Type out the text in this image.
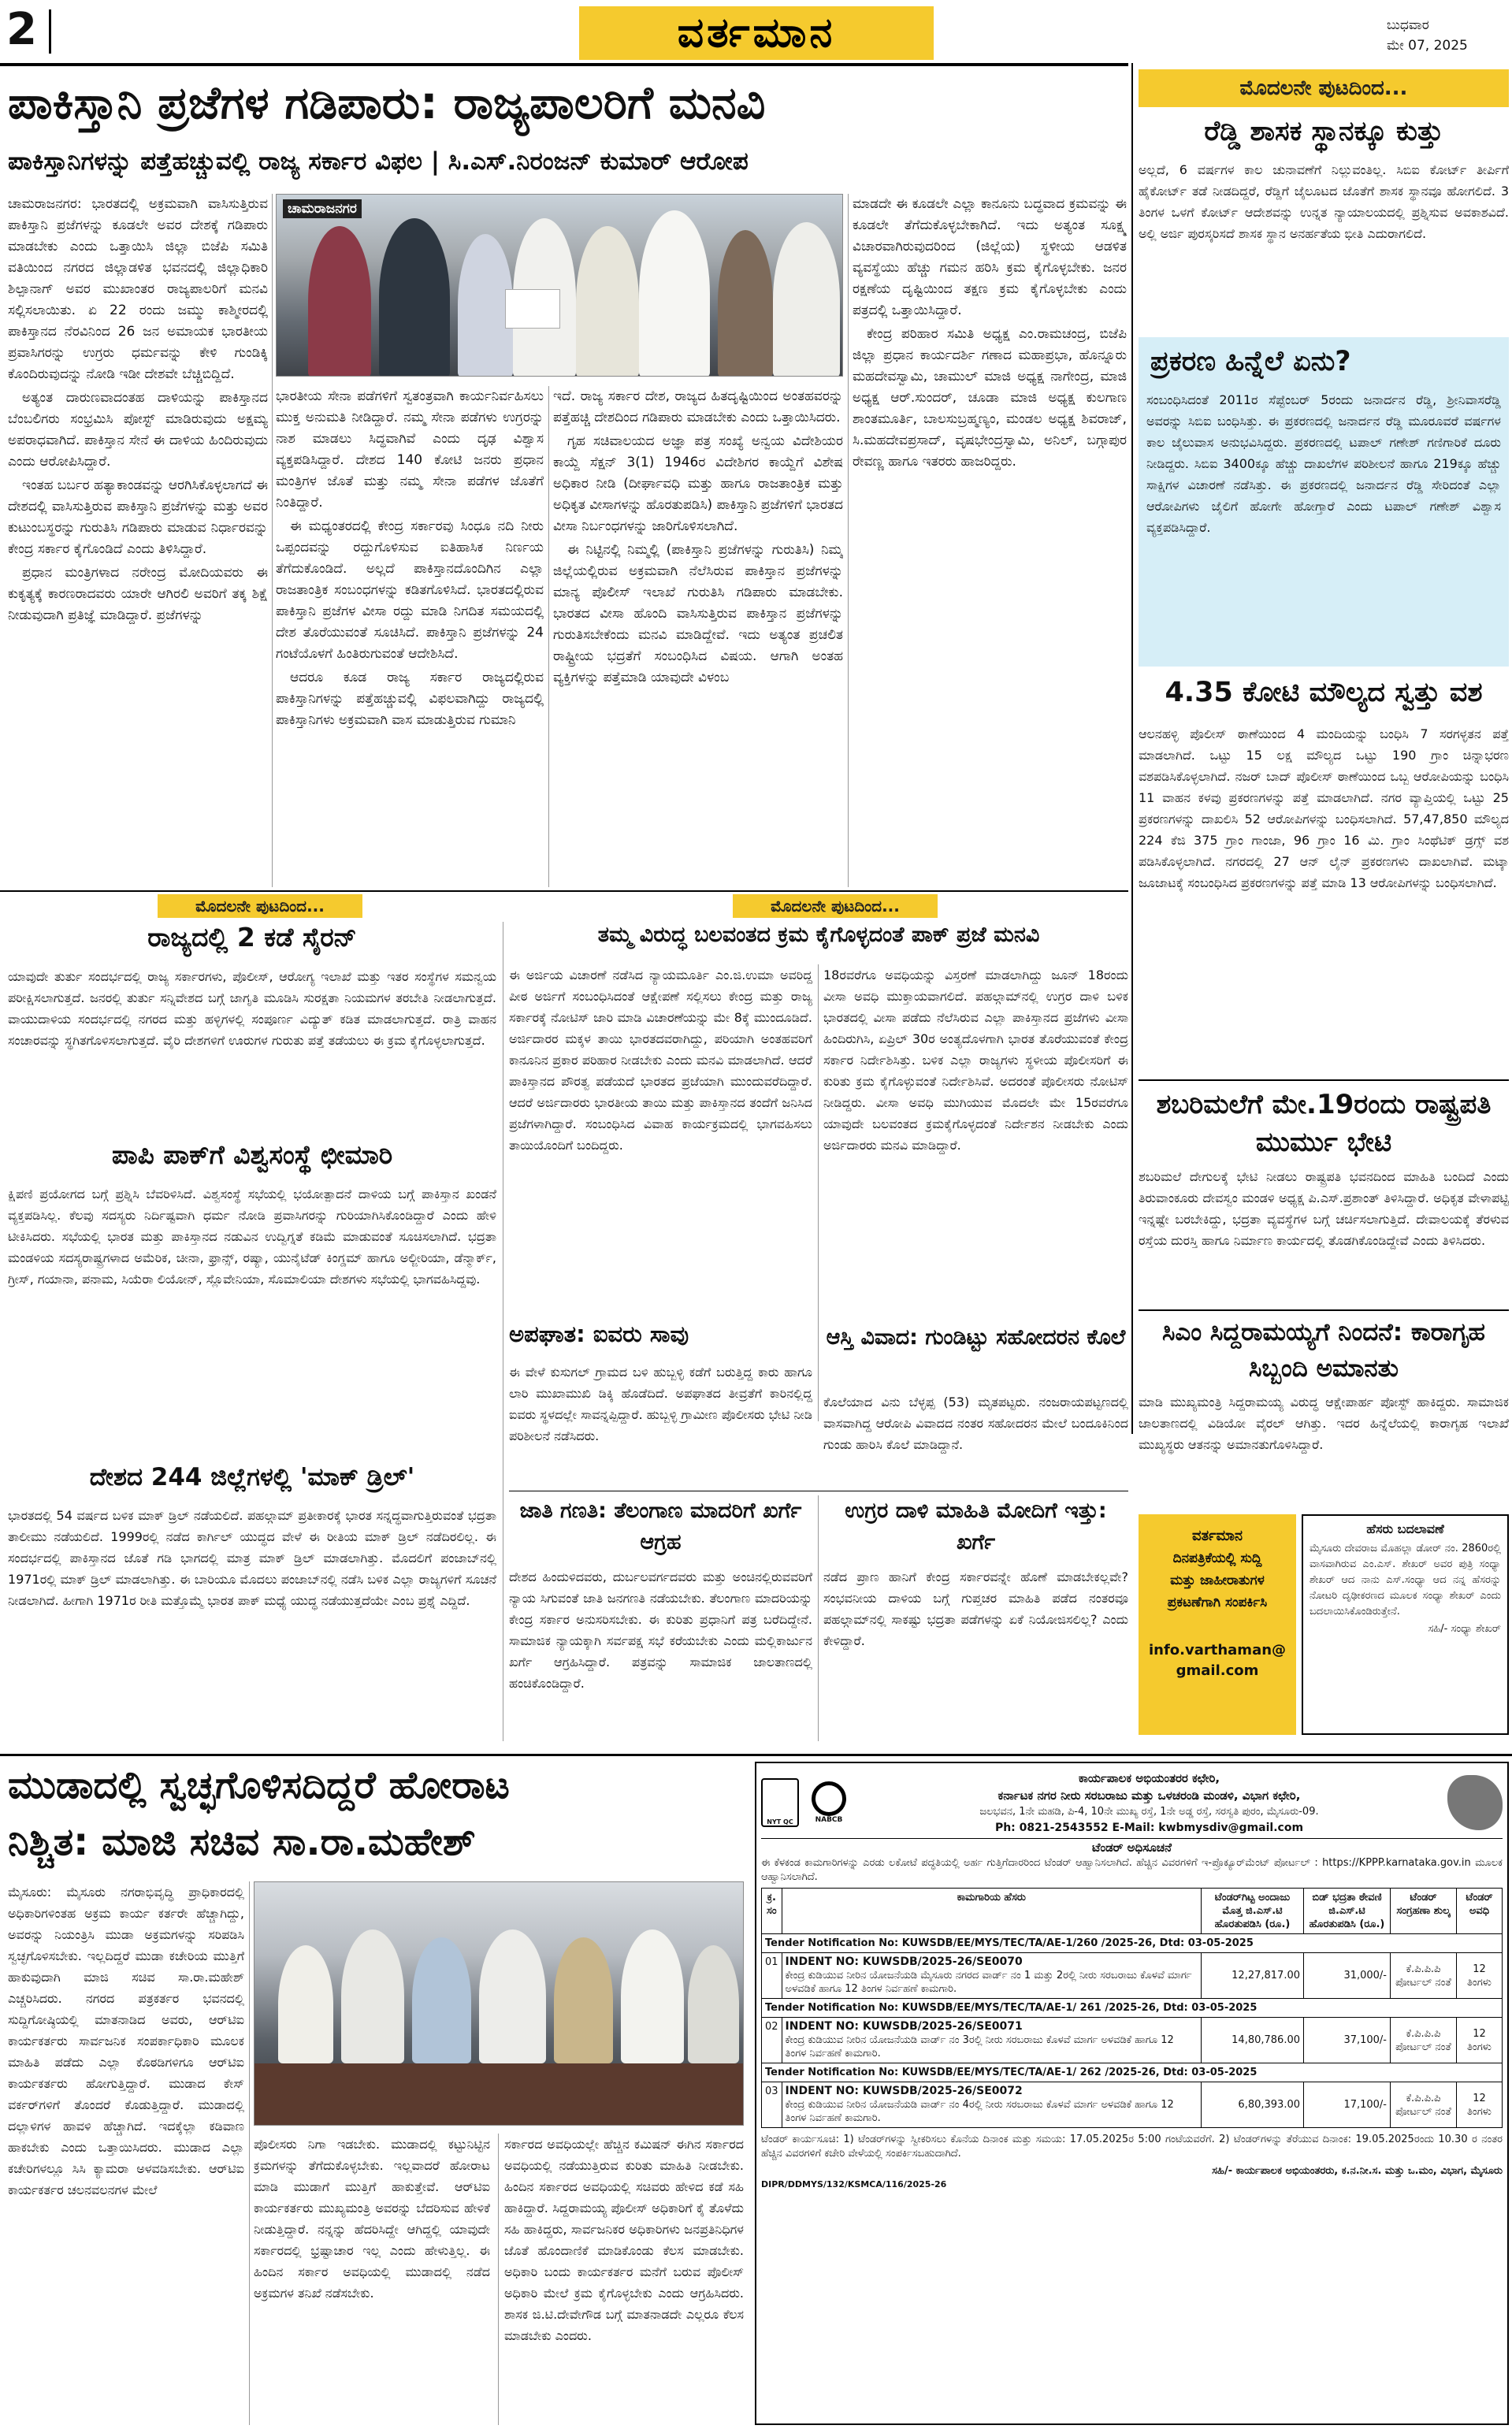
2	ವರ್ತಮಾನ	ಬುಧವಾರ
ಮೇ 07, 2025
ಪಾಕಿಸ್ತಾನಿ ಪ್ರಜೆಗಳ ಗಡಿಪಾರು: ರಾಜ್ಯಪಾಲರಿಗೆ ಮನವಿ
ಪಾಕಿಸ್ತಾನಿಗಳನ್ನು ಪತ್ತೆಹಚ್ಚುವಲ್ಲಿ ರಾಜ್ಯ ಸರ್ಕಾರ ವಿಫಲ | ಸಿ.ಎಸ್.ನಿರಂಜನ್ ಕುಮಾರ್ ಆರೋಪ
ಚಾಮರಾಜನಗರ

ಚಾಮರಾಜನಗರ: ಭಾರತದಲ್ಲಿ ಅಕ್ರಮವಾಗಿ ವಾಸಿಸುತ್ತಿರುವ ಪಾಕಿಸ್ತಾನಿ ಪ್ರಜೆಗಳನ್ನು ಕೂಡಲೇ ಅವರ ದೇಶಕ್ಕೆ ಗಡಿಪಾರು ಮಾಡಬೇಕು ಎಂದು ಒತ್ತಾಯಿಸಿ ಜಿಲ್ಲಾ ಬಿಜೆಪಿ ಸಮಿತಿ ವತಿಯಿಂದ ನಗರದ ಜಿಲ್ಲಾಡಳಿತ ಭವನದಲ್ಲಿ ಜಿಲ್ಲಾಧಿಕಾರಿ ಶಿಲ್ಪಾನಾಗ್ ಅವರ ಮುಖಾಂತರ ರಾಜ್ಯಪಾಲರಿಗೆ ಮನವಿ ಸಲ್ಲಿಸಲಾಯಿತು. ಏ 22 ರಂದು ಜಮ್ಮು ಕಾಶ್ಮೀರದಲ್ಲಿ ಪಾಕಿಸ್ತಾನದ ನೆರವಿನಿಂದ 26 ಜನ ಅಮಾಯಕ ಭಾರತೀಯ ಪ್ರವಾಸಿಗರನ್ನು ಉಗ್ರರು ಧರ್ಮವನ್ನು ಕೇಳಿ ಗುಂಡಿಕ್ಕಿ ಕೊಂದಿರುವುದನ್ನು ನೋಡಿ ಇಡೀ ದೇಶವೇ ಬೆಚ್ಚಿಬಿದ್ದಿದೆ.

ಅತ್ಯಂತ ದಾರುಣವಾದಂತಹ ದಾಳಿಯನ್ನು ಪಾಕಿಸ್ತಾನದ ಬೆಂಬಲಿಗರು ಸಂಭ್ರಮಿಸಿ ಪೋಸ್ಟ್ ಮಾಡಿರುವುದು ಅಕ್ಷಮ್ಯ ಅಪರಾಧವಾಗಿದೆ. ಪಾಕಿಸ್ತಾನ ಸೇನೆ ಈ ದಾಳಿಯ ಹಿಂದಿರುವುದು ಎಂದು ಆರೋಪಿಸಿದ್ದಾರೆ.

ಇಂತಹ ಬರ್ಬರ ಹತ್ಯಾಕಾಂಡವನ್ನು ಆರಗಿಸಿಕೊಳ್ಳಲಾಗದೆ ಈ ದೇಶದಲ್ಲಿ ವಾಸಿಸುತ್ತಿರುವ ಪಾಕಿಸ್ತಾನಿ ಪ್ರಜೆಗಳನ್ನು ಮತ್ತು ಅವರ ಕುಟುಂಬಸ್ಥರನ್ನು ಗುರುತಿಸಿ ಗಡಿಪಾರು ಮಾಡುವ ನಿರ್ಧಾರವನ್ನು ಕೇಂದ್ರ ಸರ್ಕಾರ ಕೈಗೊಂಡಿದೆ ಎಂದು ತಿಳಿಸಿದ್ದಾರೆ.

ಪ್ರಧಾನ ಮಂತ್ರಿಗಳಾದ ನರೇಂದ್ರ ಮೋದಿಯವರು ಈ ಕುಕೃತ್ಯಕ್ಕೆ ಕಾರಣರಾದವರು ಯಾರೇ ಆಗಿರಲಿ ಅವರಿಗೆ ತಕ್ಕ ಶಿಕ್ಷೆ ನೀಡುವುದಾಗಿ ಪ್ರತಿಜ್ಞೆ ಮಾಡಿದ್ದಾರೆ. ಪ್ರಜೆಗಳನ್ನು

ಭಾರತೀಯ ಸೇನಾ ಪಡೆಗಳಿಗೆ ಸ್ವತಂತ್ರವಾಗಿ ಕಾರ್ಯನಿರ್ವಹಿಸಲು ಮುಕ್ತ ಅನುಮತಿ ನೀಡಿದ್ದಾರೆ. ನಮ್ಮ ಸೇನಾ ಪಡೆಗಳು ಉಗ್ರರನ್ನು ನಾಶ ಮಾಡಲು ಸಿದ್ಧವಾಗಿವೆ ಎಂದು ದೃಢ ವಿಶ್ವಾಸ ವ್ಯಕ್ತಪಡಿಸಿದ್ದಾರೆ. ದೇಶದ 140 ಕೋಟಿ ಜನರು ಪ್ರಧಾನ ಮಂತ್ರಿಗಳ ಜೊತೆ ಮತ್ತು ನಮ್ಮ ಸೇನಾ ಪಡೆಗಳ ಜೊತೆಗೆ ನಿಂತಿದ್ದಾರೆ.

ಈ ಮಧ್ಯಂತರದಲ್ಲಿ ಕೇಂದ್ರ ಸರ್ಕಾರವು ಸಿಂಧೂ ನದಿ ನೀರು ಒಪ್ಪಂದವನ್ನು ರದ್ದುಗೊಳಿಸುವ ಐತಿಹಾಸಿಕ ನಿರ್ಣಯ ತೆಗೆದುಕೊಂಡಿದೆ. ಅಲ್ಲದೆ ಪಾಕಿಸ್ತಾನದೊಂದಿಗಿನ ಎಲ್ಲಾ ರಾಜತಾಂತ್ರಿಕ ಸಂಬಂಧಗಳನ್ನು ಕಡಿತಗೊಳಿಸಿದೆ. ಭಾರತದಲ್ಲಿರುವ ಪಾಕಿಸ್ತಾನಿ ಪ್ರಜೆಗಳ ವೀಸಾ ರದ್ದು ಮಾಡಿ ನಿಗದಿತ ಸಮಯದಲ್ಲಿ ದೇಶ ತೊರೆಯುವಂತೆ ಸೂಚಿಸಿದೆ. ಪಾಕಿಸ್ತಾನಿ ಪ್ರಜೆಗಳನ್ನು 24 ಗಂಟೆಯೊಳಗೆ ಹಿಂತಿರುಗುವಂತೆ ಆದೇಶಿಸಿದೆ.

ಆದರೂ ಕೂಡ ರಾಜ್ಯ ಸರ್ಕಾರ ರಾಜ್ಯದಲ್ಲಿರುವ ಪಾಕಿಸ್ತಾನಿಗಳನ್ನು ಪತ್ತೆಹಚ್ಚುವಲ್ಲಿ ವಿಫಲವಾಗಿದ್ದು ರಾಜ್ಯದಲ್ಲಿ ಪಾಕಿಸ್ತಾನಿಗಳು ಅಕ್ರಮವಾಗಿ ವಾಸ ಮಾಡುತ್ತಿರುವ ಗುಮಾನಿ

ಇದೆ. ರಾಜ್ಯ ಸರ್ಕಾರ ದೇಶ, ರಾಜ್ಯದ ಹಿತದೃಷ್ಟಿಯಿಂದ ಅಂತಹವರನ್ನು ಪತ್ತೆಹಚ್ಚಿ ದೇಶದಿಂದ ಗಡಿಪಾರು ಮಾಡಬೇಕು ಎಂದು ಒತ್ತಾಯಿಸಿದರು.

ಗೃಹ ಸಚಿವಾಲಯದ ಅಜ್ಞಾ ಪತ್ರ ಸಂಖ್ಯೆ ಅನ್ವಯ ವಿದೇಶಿಯರ ಕಾಯ್ದೆ ಸೆಕ್ಷನ್ 3(1) 1946ರ ವಿದೇಶಿಗರ ಕಾಯ್ದೆಗೆ ವಿಶೇಷ ಅಧಿಕಾರ ನೀಡಿ (ದೀರ್ಘಾವಧಿ ಮತ್ತು ಹಾಗೂ ರಾಜತಾಂತ್ರಿಕ ಮತ್ತು ಅಧಿಕೃತ ವೀಸಾಗಳನ್ನು ಹೊರತುಪಡಿಸಿ) ಪಾಕಿಸ್ತಾನಿ ಪ್ರಜೆಗಳಿಗೆ ಭಾರತದ ವೀಸಾ ನಿರ್ಬಂಧಗಳನ್ನು ಜಾರಿಗೊಳಿಸಲಾಗಿದೆ.

ಈ ನಿಟ್ಟಿನಲ್ಲಿ ನಿಮ್ಮಲ್ಲಿ (ಪಾಕಿಸ್ತಾನಿ ಪ್ರಜೆಗಳನ್ನು ಗುರುತಿಸಿ) ನಿಮ್ಮ ಜಿಲ್ಲೆಯಲ್ಲಿರುವ ಅಕ್ರಮವಾಗಿ ನೆಲೆಸಿರುವ ಪಾಕಿಸ್ತಾನ ಪ್ರಜೆಗಳನ್ನು ಮಾನ್ಯ ಪೊಲೀಸ್ ಇಲಾಖೆ ಗುರುತಿಸಿ ಗಡಿಪಾರು ಮಾಡಬೇಕು. ಭಾರತದ ವೀಸಾ ಹೊಂದಿ ವಾಸಿಸುತ್ತಿರುವ ಪಾಕಿಸ್ತಾನ ಪ್ರಜೆಗಳನ್ನು ಗುರುತಿಸಬೇಕೆಂದು ಮನವಿ ಮಾಡಿದ್ದೇವೆ. ಇದು ಅತ್ಯಂತ ಪ್ರಚಲಿತ ರಾಷ್ಟ್ರೀಯ ಭದ್ರತೆಗೆ ಸಂಬಂಧಿಸಿದ ವಿಷಯ. ಆಗಾಗಿ ಅಂತಹ ವ್ಯಕ್ತಿಗಳನ್ನು ಪತ್ತೆಮಾಡಿ ಯಾವುದೇ ವಿಳಂಬ

ಮಾಡದೇ ಈ ಕೂಡಲೇ ಎಲ್ಲಾ ಕಾನೂನು ಬದ್ಧವಾದ ಕ್ರಮವನ್ನು ಈ ಕೂಡಲೇ ತೆಗೆದುಕೊಳ್ಳಬೇಕಾಗಿದೆ. ಇದು ಅತ್ಯಂತ ಸೂಕ್ಷ್ಮ ವಿಚಾರವಾಗಿರುವುದರಿಂದ (ಜಿಲ್ಲೆಯ) ಸ್ಥಳೀಯ ಆಡಳಿತ ವ್ಯವಸ್ಥೆಯು ಹೆಚ್ಚು ಗಮನ ಹರಿಸಿ ಕ್ರಮ ಕೈಗೊಳ್ಳಬೇಕು. ಜನರ ರಕ್ಷಣೆಯ ದೃಷ್ಟಿಯಿಂದ ತಕ್ಷಣ ಕ್ರಮ ಕೈಗೊಳ್ಳಬೇಕು ಎಂದು ಪತ್ರದಲ್ಲಿ ಒತ್ತಾಯಿಸಿದ್ದಾರೆ.

ಕೇಂದ್ರ ಪರಿಹಾರ ಸಮಿತಿ ಅಧ್ಯಕ್ಷ ಎಂ.ರಾಮಚಂದ್ರ, ಬಿಜೆಪಿ ಜಿಲ್ಲಾ ಪ್ರಧಾನ ಕಾರ್ಯದರ್ಶಿ ಗಣಾದ ಮಹಾಪ್ರಭಾ, ಹೊನ್ನೂರು ಮಹದೇವಸ್ವಾಮಿ, ಚಾಮುಲ್ ಮಾಜಿ ಅಧ್ಯಕ್ಷ ನಾಗೇಂದ್ರ, ಮಾಜಿ ಅಧ್ಯಕ್ಷ ಆರ್.ಸುಂದರ್, ಚೂಡಾ ಮಾಜಿ ಅಧ್ಯಕ್ಷ ಕುಲಗಾಣ ಶಾಂತಮೂರ್ತಿ, ಬಾಲಸುಬ್ರಹ್ಮಣ್ಯಂ, ಮಂಡಲ ಅಧ್ಯಕ್ಷ ಶಿವರಾಜ್, ಸಿ.ಮಹದೇವಪ್ರಸಾದ್, ವೃಷಭೇಂದ್ರಸ್ವಾಮಿ, ಅನಿಲ್, ಬಗ್ಗಾಪುರ ರೇವಣ್ಣ ಹಾಗೂ ಇತರರು ಹಾಜರಿದ್ದರು.

ಮೊದಲನೇ ಪುಟದಿಂದ...
ರೆಡ್ಡಿ ಶಾಸಕ ಸ್ಥಾನಕ್ಕೂ ಕುತ್ತು
ಅಲ್ಲದೆ, 6 ವರ್ಷಗಳ ಕಾಲ ಚುನಾವಣೆಗೆ ನಿಲ್ಲುವಂತಿಲ್ಲ. ಸಿಬಿಐ ಕೋರ್ಟ್ ತೀರ್ಪಿಗೆ ಹೈಕೋರ್ಟ್ ತಡೆ ನೀಡದಿದ್ದರೆ, ರೆಡ್ಡಿಗೆ ಜೈಲೂಟದ ಜೊತೆಗೆ ಶಾಸಕ ಸ್ಥಾನವೂ ಹೋಗಲಿದೆ. 3 ತಿಂಗಳ ಒಳಗೆ ಕೋರ್ಟ್ ಆದೇಶವನ್ನು ಉನ್ನತ ನ್ಯಾಯಾಲಯದಲ್ಲಿ ಪ್ರಶ್ನಿಸುವ ಅವಕಾಶವಿದೆ. ಅಲ್ಲಿ ಅರ್ಜಿ ಪುರಸ್ಕರಿಸದೆ ಶಾಸಕ ಸ್ಥಾನ ಅನರ್ಹತೆಯ ಭೀತಿ ಎದುರಾಗಲಿದೆ.
ಪ್ರಕರಣ ಹಿನ್ನೆಲೆ ಏನು?
ಸಂಬಂಧಿಸಿದಂತೆ 2011ರ ಸೆಪ್ಟೆಂಬರ್ 5ರಂದು ಜನಾರ್ದನ ರೆಡ್ಡಿ, ಶ್ರೀನಿವಾಸರೆಡ್ಡಿ ಅವರನ್ನು ಸಿಬಿಐ ಬಂಧಿಸಿತ್ತು. ಈ ಪ್ರಕರಣದಲ್ಲಿ ಜನಾರ್ದನ ರೆಡ್ಡಿ ಮೂರೂವರೆ ವರ್ಷಗಳ ಕಾಲ ಜೈಲುವಾಸ ಅನುಭವಿಸಿದ್ದರು. ಪ್ರಕರಣದಲ್ಲಿ ಟಪಾಲ್ ಗಣೇಶ್ ಗಣಿಗಾರಿಕೆ ದೂರು ನೀಡಿದ್ದರು. ಸಿಬಿಐ 3400ಕ್ಕೂ ಹೆಚ್ಚು ದಾಖಲೆಗಳ ಪರಿಶೀಲನೆ ಹಾಗೂ 219ಕ್ಕೂ ಹೆಚ್ಚು ಸಾಕ್ಷಿಗಳ ವಿಚಾರಣೆ ನಡೆಸಿತ್ತು. ಈ ಪ್ರಕರಣದಲ್ಲಿ ಜನಾರ್ದನ ರೆಡ್ಡಿ ಸೇರಿದಂತೆ ಎಲ್ಲಾ ಆರೋಪಿಗಳು ಜೈಲಿಗೆ ಹೋಗೇ ಹೋಗ್ತಾರೆ ಎಂದು ಟಪಾಲ್ ಗಣೇಶ್ ವಿಶ್ವಾಸ ವ್ಯಕ್ತಪಡಿಸಿದ್ದಾರೆ.
4.35 ಕೋಟಿ ಮೌಲ್ಯದ ಸ್ವತ್ತು ವಶ
ಆಲನಹಳ್ಳಿ ಪೊಲೀಸ್ ಠಾಣೆಯಿಂದ 4 ಮಂದಿಯನ್ನು ಬಂಧಿಸಿ 7 ಸರಗಳ್ಳತನ ಪತ್ತೆ ಮಾಡಲಾಗಿದೆ. ಒಟ್ಟು 15 ಲಕ್ಷ ಮೌಲ್ಯದ ಒಟ್ಟು 190 ಗ್ರಾಂ ಚಿನ್ನಾಭರಣ ವಶಪಡಿಸಿಕೊಳ್ಳಲಾಗಿದೆ. ನಜರ್ ಬಾದ್ ಪೊಲೀಸ್ ಠಾಣೆಯಿಂದ ಒಬ್ಬ ಆರೋಪಿಯನ್ನು ಬಂಧಿಸಿ 11 ವಾಹನ ಕಳವು ಪ್ರಕರಣಗಳನ್ನು ಪತ್ತೆ ಮಾಡಲಾಗಿದೆ. ನಗರ ವ್ಯಾಪ್ತಿಯಲ್ಲಿ ಒಟ್ಟು 25 ಪ್ರಕರಣಗಳನ್ನು ದಾಖಲಿಸಿ 52 ಆರೋಪಿಗಳನ್ನು ಬಂಧಿಸಲಾಗಿದೆ. 57,47,850 ಮೌಲ್ಯದ 224 ಕೆಜಿ 375 ಗ್ರಾಂ ಗಾಂಜಾ, 96 ಗ್ರಾಂ 16 ಮಿ. ಗ್ರಾಂ ಸಿಂಥೆಟಿಕ್ ಡ್ರಗ್ಸ್ ವಶ ಪಡಿಸಿಕೊಳ್ಳಲಾಗಿದೆ. ನಗರದಲ್ಲಿ 27 ಆನ್ ಲೈನ್ ಪ್ರಕರಣಗಳು ದಾಖಲಾಗಿವೆ. ಮಟ್ಕಾ ಜೂಜಾಟಕ್ಕೆ ಸಂಬಂಧಿಸಿದ ಪ್ರಕರಣಗಳನ್ನು ಪತ್ತೆ ಮಾಡಿ 13 ಆರೋಪಿಗಳನ್ನು ಬಂಧಿಸಲಾಗಿದೆ.
ಶಬರಿಮಲೆಗೆ ಮೇ.19ರಂದು ರಾಷ್ಟ್ರಪತಿ ಮುರ್ಮು ಭೇಟಿ
ಶಬರಿಮಲೆ ದೇಗುಲಕ್ಕೆ ಭೇಟಿ ನೀಡಲು ರಾಷ್ಟ್ರಪತಿ ಭವನದಿಂದ ಮಾಹಿತಿ ಬಂದಿದೆ ಎಂದು ತಿರುವಾಂಕೂರು ದೇವಸ್ವಂ ಮಂಡಳಿ ಅಧ್ಯಕ್ಷ ಪಿ.ಎಸ್.ಪ್ರಶಾಂತ್ ತಿಳಿಸಿದ್ದಾರೆ. ಅಧಿಕೃತ ವೇಳಾಪಟ್ಟಿ ಇನ್ನಷ್ಟೇ ಬರಬೇಕಿದ್ದು, ಭದ್ರತಾ ವ್ಯವಸ್ಥೆಗಳ ಬಗ್ಗೆ ಚರ್ಚಿಸಲಾಗುತ್ತಿದೆ. ದೇವಾಲಯಕ್ಕೆ ತೆರಳುವ ರಸ್ತೆಯ ದುರಸ್ತಿ ಹಾಗೂ ನಿರ್ಮಾಣ ಕಾರ್ಯದಲ್ಲಿ ತೊಡಗಿಕೊಂಡಿದ್ದೇವೆ ಎಂದು ತಿಳಿಸಿದರು.
ಸಿಎಂ ಸಿದ್ದರಾಮಯ್ಯಗೆ ನಿಂದನೆ: ಕಾರಾಗೃಹ ಸಿಬ್ಬಂದಿ ಅಮಾನತು
ಮಾಡಿ ಮುಖ್ಯಮಂತ್ರಿ ಸಿದ್ದರಾಮಯ್ಯ ವಿರುದ್ಧ ಆಕ್ಷೇಪಾರ್ಹ ಪೋಸ್ಟ್ ಹಾಕಿದ್ದರು. ಸಾಮಾಜಿಕ ಜಾಲತಾಣದಲ್ಲಿ ವಿಡಿಯೋ ವೈರಲ್ ಆಗಿತ್ತು. ಇದರ ಹಿನ್ನೆಲೆಯಲ್ಲಿ ಕಾರಾಗೃಹ ಇಲಾಖೆ ಮುಖ್ಯಸ್ಥರು ಆತನನ್ನು ಅಮಾನತುಗೊಳಿಸಿದ್ದಾರೆ.
ವರ್ತಮಾನ
ದಿನಪತ್ರಿಕೆಯಲ್ಲಿ ಸುದ್ದಿ
ಮತ್ತು ಜಾಹೀರಾತುಗಳ
ಪ್ರಕಟಣೆಗಾಗಿ ಸಂಪರ್ಕಿಸಿ
info.varthaman@
gmail.com
ಹೆಸರು ಬದಲಾವಣೆ
ಮೈಸೂರು ದೇವರಾಜ ಮೊಹಲ್ಲಾ ಡೋರ್ ನಂ. 2860ರಲ್ಲಿ ವಾಸವಾಗಿರುವ ಎಂ.ಎಸ್. ಶೇಖರ್ ಅವರ ಪುತ್ರಿ ಸಂಧ್ಯಾ ಶೇಖರ್ ಆದ ನಾನು ಎಸ್.ಸಂಧ್ಯಾ ಆದ ನನ್ನ ಹೆಸರನ್ನು ನೋಟರಿ ದೃಢೀಕರಣದ ಮೂಲಕ ಸಂಧ್ಯಾ ಶೇಖರ್ ಎಂದು ಬದಲಾಯಿಸಿಕೊಂಡಿರುತ್ತೇನೆ.
ಸಹಿ/- ಸಂಧ್ಯಾ ಶೇಖರ್
ಮೊದಲನೇ ಪುಟದಿಂದ...	ಮೊದಲನೇ ಪುಟದಿಂದ...
ರಾಜ್ಯದಲ್ಲಿ 2 ಕಡೆ ಸೈರನ್
ಯಾವುದೇ ತುರ್ತು ಸಂದರ್ಭದಲ್ಲಿ ರಾಜ್ಯ ಸರ್ಕಾರಗಳು, ಪೊಲೀಸ್, ಆರೋಗ್ಯ ಇಲಾಖೆ ಮತ್ತು ಇತರ ಸಂಸ್ಥೆಗಳ ಸಮನ್ವಯ ಪರೀಕ್ಷಿಸಲಾಗುತ್ತದೆ. ಜನರಲ್ಲಿ ತುರ್ತು ಸನ್ನಿವೇಶದ ಬಗ್ಗೆ ಜಾಗೃತಿ ಮೂಡಿಸಿ ಸುರಕ್ಷತಾ ನಿಯಮಗಳ ತರಬೇತಿ ನೀಡಲಾಗುತ್ತದೆ. ವಾಯುದಾಳಿಯ ಸಂದರ್ಭದಲ್ಲಿ ನಗರದ ಮತ್ತು ಹಳ್ಳಿಗಳಲ್ಲಿ ಸಂಪೂರ್ಣ ವಿದ್ಯುತ್ ಕಡಿತ ಮಾಡಲಾಗುತ್ತದೆ. ರಾತ್ರಿ ವಾಹನ ಸಂಚಾರವನ್ನು ಸ್ಥಗಿತಗೊಳಿಸಲಾಗುತ್ತದೆ. ವೈರಿ ದೇಶಗಳಿಗೆ ಊರುಗಳ ಗುರುತು ಪತ್ತೆ ತಡೆಯಲು ಈ ಕ್ರಮ ಕೈಗೊಳ್ಳಲಾಗುತ್ತದೆ.
ಪಾಪಿ ಪಾಕ್‌ಗೆ ವಿಶ್ವಸಂಸ್ಥೆ ಛೀಮಾರಿ
ಕ್ಷಿಪಣಿ ಪ್ರಯೋಗದ ಬಗ್ಗೆ ಪ್ರಶ್ನಿಸಿ ಬೆವರಿಳಿಸಿದೆ. ವಿಶ್ವಸಂಸ್ಥೆ ಸಭೆಯಲ್ಲಿ ಭಯೋತ್ಪಾದನೆ ದಾಳಿಯ ಬಗ್ಗೆ ಪಾಕಿಸ್ತಾನ ಖಂಡನೆ ವ್ಯಕ್ತಪಡಿಸಿಲ್ಲ. ಕೆಲವು ಸದಸ್ಯರು ನಿರ್ದಿಷ್ಟವಾಗಿ ಧರ್ಮ ನೋಡಿ ಪ್ರವಾಸಿಗರನ್ನು ಗುರಿಯಾಗಿಸಿಕೊಂಡಿದ್ದಾರೆ ಎಂದು ಹೇಳಿ ಟೀಕಿಸಿದರು. ಸಭೆಯಲ್ಲಿ ಭಾರತ ಮತ್ತು ಪಾಕಿಸ್ತಾನದ ನಡುವಿನ ಉದ್ವಿಗ್ನತೆ ಕಡಿಮೆ ಮಾಡುವಂತೆ ಸೂಚಿಸಲಾಗಿದೆ. ಭದ್ರತಾ ಮಂಡಳಿಯ ಸದಸ್ಯರಾಷ್ಟ್ರಗಳಾದ ಅಮೆರಿಕ, ಚೀನಾ, ಫ್ರಾನ್ಸ್, ರಷ್ಯಾ, ಯುನೈಟೆಡ್ ಕಿಂಗ್ಡಮ್ ಹಾಗೂ ಅಲ್ಜೀರಿಯಾ, ಡೆನ್ಮಾರ್ಕ್, ಗ್ರೀಸ್, ಗಯಾನಾ, ಪನಾಮ, ಸಿಯೆರಾ ಲಿಯೋನ್, ಸ್ಲೊವೇನಿಯಾ, ಸೊಮಾಲಿಯಾ ದೇಶಗಳು ಸಭೆಯಲ್ಲಿ ಭಾಗವಹಿಸಿದ್ದವು.
ದೇಶದ 244 ಜಿಲ್ಲೆಗಳಲ್ಲಿ 'ಮಾಕ್ ಡ್ರಿಲ್'
ಭಾರತದಲ್ಲಿ 54 ವರ್ಷದ ಬಳಿಕ ಮಾಕ್ ಡ್ರಿಲ್ ನಡೆಯಲಿದೆ. ಪಹಲ್ಗಾಮ್ ಪ್ರತೀಕಾರಕ್ಕೆ ಭಾರತ ಸನ್ನದ್ಧವಾಗುತ್ತಿರುವಂತೆ ಭದ್ರತಾ ತಾಲೀಮು ನಡೆಯಲಿದೆ. 1999ರಲ್ಲಿ ನಡೆದ ಕಾರ್ಗಿಲ್ ಯುದ್ಧದ ವೇಳೆ ಈ ರೀತಿಯ ಮಾಕ್ ಡ್ರಿಲ್ ನಡೆದಿರಲಿಲ್ಲ. ಈ ಸಂದರ್ಭದಲ್ಲಿ ಪಾಕಿಸ್ತಾನದ ಜೊತೆ ಗಡಿ ಭಾಗದಲ್ಲಿ ಮಾತ್ರ ಮಾಕ್ ಡ್ರಿಲ್ ಮಾಡಲಾಗಿತ್ತು. ಮೊದಲಿಗೆ ಪಂಜಾಬ್‌ನಲ್ಲಿ 1971ರಲ್ಲಿ ಮಾಕ್ ಡ್ರಿಲ್ ಮಾಡಲಾಗಿತ್ತು. ಈ ಬಾರಿಯೂ ಮೊದಲು ಪಂಜಾಬ್‌ನಲ್ಲಿ ನಡೆಸಿ ಬಳಿಕ ಎಲ್ಲಾ ರಾಜ್ಯಗಳಿಗೆ ಸೂಚನೆ ನೀಡಲಾಗಿದೆ. ಹೀಗಾಗಿ 1971ರ ರೀತಿ ಮತ್ತೊಮ್ಮೆ ಭಾರತ ಪಾಕ್ ಮಧ್ಯೆ ಯುದ್ಧ ನಡೆಯುತ್ತದೆಯೇ ಎಂಬ ಪ್ರಶ್ನೆ ಎದ್ದಿದೆ.
ತಮ್ಮ ವಿರುದ್ಧ ಬಲವಂತದ ಕ್ರಮ ಕೈಗೊಳ್ಳದಂತೆ ಪಾಕ್ ಪ್ರಜೆ ಮನವಿ
ಈ ಅರ್ಜಿಯ ವಿಚಾರಣೆ ನಡೆಸಿದ ನ್ಯಾಯಮೂರ್ತಿ ಎಂ.ಜಿ.ಉಮಾ ಅವರಿದ್ದ ಪೀಠ ಅರ್ಜಿಗೆ ಸಂಬಂಧಿಸಿದಂತೆ ಆಕ್ಷೇಪಣೆ ಸಲ್ಲಿಸಲು ಕೇಂದ್ರ ಮತ್ತು ರಾಜ್ಯ ಸರ್ಕಾರಕ್ಕೆ ನೋಟಿಸ್ ಜಾರಿ ಮಾಡಿ ವಿಚಾರಣೆಯನ್ನು ಮೇ 8ಕ್ಕೆ ಮುಂದೂಡಿದೆ. ಅರ್ಜಿದಾರರ ಮಕ್ಕಳ ತಾಯಿ ಭಾರತದವರಾಗಿದ್ದು, ಪರಿಯಾಗಿ ಅಂತಹವರಿಗೆ ಕಾನೂನಿನ ಪ್ರಕಾರ ಪರಿಹಾರ ನೀಡಬೇಕು ಎಂದು ಮನವಿ ಮಾಡಲಾಗಿದೆ. ಆದರೆ ಪಾಕಿಸ್ತಾನದ ಪೌರತ್ವ ಪಡೆಯದೆ ಭಾರತದ ಪ್ರಜೆಯಾಗಿ ಮುಂದುವರೆದಿದ್ದಾರೆ. ಆದರೆ ಅರ್ಜಿದಾರರು ಭಾರತೀಯ ತಾಯಿ ಮತ್ತು ಪಾಕಿಸ್ತಾನದ ತಂದೆಗೆ ಜನಿಸಿದ ಪ್ರಜೆಗಳಾಗಿದ್ದಾರೆ. ಸಂಬಂಧಿಸಿದ ವಿವಾಹ ಕಾರ್ಯಕ್ರಮದಲ್ಲಿ ಭಾಗವಹಿಸಲು ತಾಯಿಯೊಂದಿಗೆ ಬಂದಿದ್ದರು.
18ರವರೆಗೂ ಅವಧಿಯನ್ನು ವಿಸ್ತರಣೆ ಮಾಡಲಾಗಿದ್ದು ಜೂನ್ 18ರಂದು ವೀಸಾ ಅವಧಿ ಮುಕ್ತಾಯವಾಗಲಿದೆ. ಪಹಲ್ಗಾಮ್‌ನಲ್ಲಿ ಉಗ್ರರ ದಾಳಿ ಬಳಿಕ ಭಾರತದಲ್ಲಿ ವೀಸಾ ಪಡೆದು ನೆಲೆಸಿರುವ ಎಲ್ಲಾ ಪಾಕಿಸ್ತಾನದ ಪ್ರಜೆಗಳು ವೀಸಾ ಹಿಂದಿರುಗಿಸಿ, ಏಪ್ರಿಲ್ 30ರ ಅಂತ್ಯದೊಳಗಾಗಿ ಭಾರತ ತೊರೆಯುವಂತೆ ಕೇಂದ್ರ ಸರ್ಕಾರ ನಿರ್ದೇಶಿಸಿತ್ತು. ಬಳಿಕ ಎಲ್ಲಾ ರಾಜ್ಯಗಳು ಸ್ಥಳೀಯ ಪೊಲೀಸರಿಗೆ ಈ ಕುರಿತು ಕ್ರಮ ಕೈಗೊಳ್ಳುವಂತೆ ನಿರ್ದೇಶಿಸಿವೆ. ಅದರಂತೆ ಪೊಲೀಸರು ನೋಟಿಸ್ ನೀಡಿದ್ದರು. ವೀಸಾ ಅವಧಿ ಮುಗಿಯುವ ಮೊದಲೇ ಮೇ 15ರವರೆಗೂ ಯಾವುದೇ ಬಲವಂತದ ಕ್ರಮಕೈಗೊಳ್ಳದಂತೆ ನಿರ್ದೇಶನ ನೀಡಬೇಕು ಎಂದು ಅರ್ಜಿದಾರರು ಮನವಿ ಮಾಡಿದ್ದಾರೆ.
ಅಪಘಾತ: ಐವರು ಸಾವು
ಈ ವೇಳೆ ಕುಸುಗಲ್ ಗ್ರಾಮದ ಬಳಿ ಹುಬ್ಬಳ್ಳಿ ಕಡೆಗೆ ಬರುತ್ತಿದ್ದ ಕಾರು ಹಾಗೂ ಲಾರಿ ಮುಖಾಮುಖಿ ಡಿಕ್ಕಿ ಹೊಡೆದಿದೆ. ಅಪಘಾತದ ತೀವ್ರತೆಗೆ ಕಾರಿನಲ್ಲಿದ್ದ ಐವರು ಸ್ಥಳದಲ್ಲೇ ಸಾವನ್ನಪ್ಪಿದ್ದಾರೆ. ಹುಬ್ಬಳ್ಳಿ ಗ್ರಾಮೀಣ ಪೊಲೀಸರು ಭೇಟಿ ನೀಡಿ ಪರಿಶೀಲನೆ ನಡೆಸಿದರು.
ಆಸ್ತಿ ವಿವಾದ: ಗುಂಡಿಟ್ಟು ಸಹೋದರನ ಕೊಲೆ
ಕೊಲೆಯಾದ ವಿನು ಬೆಳ್ಳಪ್ಪ (53) ಮೃತಪಟ್ಟರು. ನಂಜರಾಯಪಟ್ಟಣದಲ್ಲಿ ವಾಸವಾಗಿದ್ದ ಆರೋಪಿ ವಿವಾದದ ನಂತರ ಸಹೋದರನ ಮೇಲೆ ಬಂದೂಕಿನಿಂದ ಗುಂಡು ಹಾರಿಸಿ ಕೊಲೆ ಮಾಡಿದ್ದಾನೆ.
ಜಾತಿ ಗಣತಿ: ತೆಲಂಗಾಣ ಮಾದರಿಗೆ ಖರ್ಗೆ ಆಗ್ರಹ
ದೇಶದ ಹಿಂದುಳಿದವರು, ದುರ್ಬಲವರ್ಗದವರು ಮತ್ತು ಅಂಚಿನಲ್ಲಿರುವವರಿಗೆ ನ್ಯಾಯ ಸಿಗುವಂತೆ ಜಾತಿ ಜನಗಣತಿ ನಡೆಯಬೇಕು. ತೆಲಂಗಾಣ ಮಾದರಿಯನ್ನು ಕೇಂದ್ರ ಸರ್ಕಾರ ಅನುಸರಿಸಬೇಕು. ಈ ಕುರಿತು ಪ್ರಧಾನಿಗೆ ಪತ್ರ ಬರೆದಿದ್ದೇನೆ. ಸಾಮಾಜಿಕ ನ್ಯಾಯಕ್ಕಾಗಿ ಸರ್ವಪಕ್ಷ ಸಭೆ ಕರೆಯಬೇಕು ಎಂದು ಮಲ್ಲಿಕಾರ್ಜುನ ಖರ್ಗೆ ಆಗ್ರಹಿಸಿದ್ದಾರೆ. ಪತ್ರವನ್ನು ಸಾಮಾಜಿಕ ಜಾಲತಾಣದಲ್ಲಿ ಹಂಚಿಕೊಂಡಿದ್ದಾರೆ.
ಉಗ್ರರ ದಾಳಿ ಮಾಹಿತಿ ಮೋದಿಗೆ ಇತ್ತು: ಖರ್ಗೆ
ನಡೆದ ಪ್ರಾಣ ಹಾನಿಗೆ ಕೇಂದ್ರ ಸರ್ಕಾರವನ್ನೇ ಹೊಣೆ ಮಾಡಬೇಕಲ್ಲವೇ? ಸಂಭವನೀಯ ದಾಳಿಯ ಬಗ್ಗೆ ಗುಪ್ತಚರ ಮಾಹಿತಿ ಪಡೆದ ನಂತರವೂ ಪಹಲ್ಗಾಮ್‌ನಲ್ಲಿ ಸಾಕಷ್ಟು ಭದ್ರತಾ ಪಡೆಗಳನ್ನು ಏಕೆ ನಿಯೋಜಿಸಲಿಲ್ಲ? ಎಂದು ಕೇಳಿದ್ದಾರೆ.
ಮುಡಾದಲ್ಲಿ ಸ್ವಚ್ಛಗೊಳಿಸದಿದ್ದರೆ ಹೋರಾಟ
ನಿಶ್ಚಿತ: ಮಾಜಿ ಸಚಿವ ಸಾ.ರಾ.ಮಹೇಶ್
ಮೈಸೂರು: ಮೈಸೂರು ನಗರಾಭಿವೃದ್ಧಿ ಪ್ರಾಧಿಕಾರದಲ್ಲಿ ಅಧಿಕಾರಿಗಳಿಂತಹ ಅಕ್ರಮ ಕಾರ್ಯ ಕರ್ತರೇ ಹೆಚ್ಚಾಗಿದ್ದು, ಅವರನ್ನು ನಿಯಂತ್ರಿಸಿ ಮುಡಾ ಅಕ್ರಮಗಳನ್ನು ಸರಿಪಡಿಸಿ ಸ್ವಚ್ಛಗೊಳಿಸಬೇಕು. ಇಲ್ಲದಿದ್ದರೆ ಮುಡಾ ಕಚೇರಿಯ ಮುತ್ತಿಗೆ ಹಾಕುವುದಾಗಿ ಮಾಜಿ ಸಚಿವ ಸಾ.ರಾ.ಮಹೇಶ್ ಎಚ್ಚರಿಸಿದರು. ನಗರದ ಪತ್ರಕರ್ತರ ಭವನದಲ್ಲಿ ಸುದ್ದಿಗೋಷ್ಠಿಯಲ್ಲಿ ಮಾತನಾಡಿದ ಅವರು, ಆರ್‌ಟಿಐ ಕಾರ್ಯಕರ್ತರು ಸಾರ್ವಜನಿಕ ಸಂಪರ್ಕಾಧಿಕಾರಿ ಮೂಲಕ ಮಾಹಿತಿ ಪಡೆದು ಎಲ್ಲಾ ಕೊಠಡಿಗಳಿಗೂ ಆರ್‌ಟಿಐ ಕಾರ್ಯಕರ್ತರು ಹೋಗುತ್ತಿದ್ದಾರೆ. ಮುಡಾದ ಕೇಸ್ ವರ್ಕರ್‌ಗಳಿಗೆ ತೊಂದರೆ ಕೊಡುತ್ತಿದ್ದಾರೆ. ಮುಡಾದಲ್ಲಿ ದಲ್ಲಾಳಿಗಳ ಹಾವಳಿ ಹೆಚ್ಚಾಗಿದೆ. ಇದಕ್ಕೆಲ್ಲಾ ಕಡಿವಾಣ ಹಾಕಬೇಕು ಎಂದು ಒತ್ತಾಯಿಸಿದರು. ಮುಡಾದ ಎಲ್ಲಾ ಕಚೇರಿಗಳಲ್ಲೂ ಸಿಸಿ ಕ್ಯಾಮರಾ ಅಳವಡಿಸಬೇಕು. ಆರ್‌ಟಿಐ ಕಾರ್ಯಕರ್ತರ ಚಲನವಲನಗಳ ಮೇಲೆ
ಪೊಲೀಸರು ನಿಗಾ ಇಡಬೇಕು. ಮುಡಾದಲ್ಲಿ ಕಟ್ಟುನಿಟ್ಟಿನ ಕ್ರಮಗಳನ್ನು ತೆಗೆದುಕೊಳ್ಳಬೇಕು. ಇಲ್ಲವಾದರೆ ಹೋರಾಟ ಮಾಡಿ ಮುಡಾಗೆ ಮುತ್ತಿಗೆ ಹಾಕುತ್ತೇವೆ. ಆರ್‌ಟಿಐ ಕಾರ್ಯಕರ್ತರು ಮುಖ್ಯಮಂತ್ರಿ ಅವರನ್ನು ಬೆದರಿಸುವ ಹೇಳಿಕೆ ನೀಡುತ್ತಿದ್ದಾರೆ. ನನ್ನನ್ನು ಹೆದರಿಸಿದ್ದೇ ಆಗಿದ್ದಲ್ಲಿ ಯಾವುದೇ ಸರ್ಕಾರದಲ್ಲಿ ಭ್ರಷ್ಟಾಚಾರ ಇಲ್ಲ ಎಂದು ಹೇಳುತ್ತಿಲ್ಲ. ಈ ಹಿಂದಿನ ಸರ್ಕಾರ ಅವಧಿಯಲ್ಲಿ ಮುಡಾದಲ್ಲಿ ನಡೆದ ಅಕ್ರಮಗಳ ತನಿಖೆ ನಡೆಸಬೇಕು.
ಸರ್ಕಾರದ ಅವಧಿಯಲ್ಲೇ ಹೆಚ್ಚಿನ ಕಮಿಷನ್ ಈಗಿನ ಸರ್ಕಾರದ ಅವಧಿಯಲ್ಲಿ ನಡೆಯುತ್ತಿರುವ ಕುರಿತು ಮಾಹಿತಿ ನೀಡಬೇಕು. ಹಿಂದಿನ ಸರ್ಕಾರದ ಅವಧಿಯಲ್ಲಿ ಸಚಿವರು ಹೇಳಿದ ಕಡೆ ಸಹಿ ಹಾಕಿದ್ದಾರೆ. ಸಿದ್ದರಾಮಯ್ಯ ಪೊಲೀಸ್ ಅಧಿಕಾರಿಗೆ ಕೈ ತೊಳೆದು ಸಹಿ ಹಾಕಿದ್ದರು, ಸಾರ್ವಜನಿಕರ ಅಧಿಕಾರಿಗಳು ಜನಪ್ರತಿನಿಧಿಗಳ ಜೊತೆ ಹೊಂದಾಣಿಕೆ ಮಾಡಿಕೊಂಡು ಕೆಲಸ ಮಾಡಬೇಕು. ಅಧಿಕಾರಿ ಬಂದು ಕಾರ್ಯಕರ್ತರ ಮನೆಗೆ ಬರುವ ಪೊಲೀಸ್ ಅಧಿಕಾರಿ ಮೇಲೆ ಕ್ರಮ ಕೈಗೊಳ್ಳಬೇಕು ಎಂದು ಆಗ್ರಹಿಸಿದರು. ಶಾಸಕ ಜಿ.ಟಿ.ದೇವೇಗೌಡ ಬಗ್ಗೆ ಮಾತನಾಡದೇ ಎಲ್ಲರೂ ಕೆಲಸ ಮಾಡಬೇಕು ಎಂದರು.
NYT QC	NABCB
ಕಾರ್ಯಪಾಲಕ ಅಭಿಯಂತರರ ಕಛೇರಿ,
ಕರ್ನಾಟಕ ನಗರ ನೀರು ಸರಬರಾಜು ಮತ್ತು ಒಳಚರಂಡಿ ಮಂಡಳಿ, ವಿಭಾಗ ಕಛೇರಿ,
ಜಲಭವನ, 1ನೇ ಮಹಡಿ, ಪಿ-4, 10ನೇ ಮುಖ್ಯ ರಸ್ತೆ, 1ನೇ ಅಡ್ಡ ರಸ್ತೆ, ಸರಸ್ವತಿ ಪುರಂ, ಮೈಸೂರು-09.
Ph: 0821-2543552 E-Mail: kwbmysdiv@gmail.com
ಟೆಂಡರ್ ಅಧಿಸೂಚನೆ
ಈ ಕೆಳಕಂಡ ಕಾಮಗಾರಿಗಳನ್ನು ಎರಡು ಲಕೋಟೆ ಪದ್ಧತಿಯಲ್ಲಿ ಅರ್ಹ ಗುತ್ತಿಗೆದಾರರಿಂದ ಟೆಂಡರ್ ಆಹ್ವಾನಿಸಲಾಗಿದೆ. ಹೆಚ್ಚಿನ ವಿವರಗಳಿಗೆ ಇ-ಪ್ರೊಕ್ಯೂರ್‌ಮೆಂಟ್ ಪೋರ್ಟಲ್ : https://KPPP.karnataka.gov.in ಮೂಲಕ ಆಹ್ವಾನಿಸಲಾಗಿದೆ.
ಕ್ರ. ಸಂ	ಕಾಮಗಾರಿಯ ಹೆಸರು	ಟೆಂಡರ್‌ಗಿಟ್ಟ ಅಂದಾಜು ಮೊತ್ತ ಜಿ.ಎಸ್.ಟಿ ಹೊರತುಪಡಿಸಿ (ರೂ.)	ಬಿಡ್ ಭದ್ರತಾ ಠೇವಣಿ ಜಿ.ಎಸ್.ಟಿ ಹೊರತುಪಡಿಸಿ (ರೂ.)	ಟೆಂಡರ್ ಸಂಗ್ರಹಣಾ ಶುಲ್ಕ	ಟೆಂಡರ್ ಅವಧಿ
Tender Notification No: KUWSDB/EE/MYS/TEC/TA/AE-1/260 /2025-26, Dtd: 03-05-2025					
01	INDENT NO: KUWSDB/2025-26/SE0070
ಕೇಂದ್ರ ಕುಡಿಯುವ ನೀರಿನ ಯೋಜನೆಯಡಿ ಮೈಸೂರು ನಗರದ ವಾರ್ಡ್ ನಂ 1 ಮತ್ತು 2ರಲ್ಲಿ ನೀರು ಸರಬರಾಜು ಕೊಳವೆ ಮಾರ್ಗ ಅಳವಡಿಕೆ ಹಾಗೂ 12 ತಿಂಗಳ ನಿರ್ವಹಣೆ ಕಾಮಗಾರಿ.	12,27,817.00	31,000/-	ಕೆ.ಪಿ.ಪಿ.ಪಿ ಪೋರ್ಟಲ್ ನಂತೆ	12 ತಿಂಗಳು
Tender Notification No: KUWSDB/EE/MYS/TEC/TA/AE-1/ 261 /2025-26, Dtd: 03-05-2025					
02	INDENT NO: KUWSDB/2025-26/SE0071
ಕೇಂದ್ರ ಕುಡಿಯುವ ನೀರಿನ ಯೋಜನೆಯಡಿ ವಾರ್ಡ್ ನಂ 3ರಲ್ಲಿ ನೀರು ಸರಬರಾಜು ಕೊಳವೆ ಮಾರ್ಗ ಅಳವಡಿಕೆ ಹಾಗೂ 12 ತಿಂಗಳ ನಿರ್ವಹಣೆ ಕಾಮಗಾರಿ.	14,80,786.00	37,100/-	ಕೆ.ಪಿ.ಪಿ.ಪಿ ಪೋರ್ಟಲ್ ನಂತೆ	12 ತಿಂಗಳು
Tender Notification No: KUWSDB/EE/MYS/TEC/TA/AE-1/ 262 /2025-26, Dtd: 03-05-2025					
03	INDENT NO: KUWSDB/2025-26/SE0072
ಕೇಂದ್ರ ಕುಡಿಯುವ ನೀರಿನ ಯೋಜನೆಯಡಿ ವಾರ್ಡ್ ನಂ 4ರಲ್ಲಿ ನೀರು ಸರಬರಾಜು ಕೊಳವೆ ಮಾರ್ಗ ಅಳವಡಿಕೆ ಹಾಗೂ 12 ತಿಂಗಳ ನಿರ್ವಹಣೆ ಕಾಮಗಾರಿ.	6,80,393.00	17,100/-	ಕೆ.ಪಿ.ಪಿ.ಪಿ ಪೋರ್ಟಲ್ ನಂತೆ	12 ತಿಂಗಳು
ಟೆಂಡರ್ ಕಾರ್ಯಸೂಚಿ: 1) ಟೆಂಡರ್‌ಗಳನ್ನು ಸ್ವೀಕರಿಸಲು ಕೊನೆಯ ದಿನಾಂಕ ಮತ್ತು ಸಮಯ: 17.05.2025ರ 5:00 ಗಂಟೆಯವರೆಗೆ. 2) ಟೆಂಡರ್‌ಗಳನ್ನು ತೆರೆಯುವ ದಿನಾಂಕ: 19.05.2025ರಂದು 10.30 ರ ನಂತರ ಹೆಚ್ಚಿನ ವಿವರಗಳಿಗೆ ಕಚೇರಿ ವೇಳೆಯಲ್ಲಿ ಸಂಪರ್ಕಿಸಬಹುದಾಗಿದೆ.
ಸಹಿ/- ಕಾರ್ಯಪಾಲಕ ಅಭಿಯಂತರರು, ಕ.ನ.ನೀ.ಸ. ಮತ್ತು ಒ.ಮಂ, ವಿಭಾಗ, ಮೈಸೂರು
DIPR/DDMYS/132/KSMCA/116/2025-26
